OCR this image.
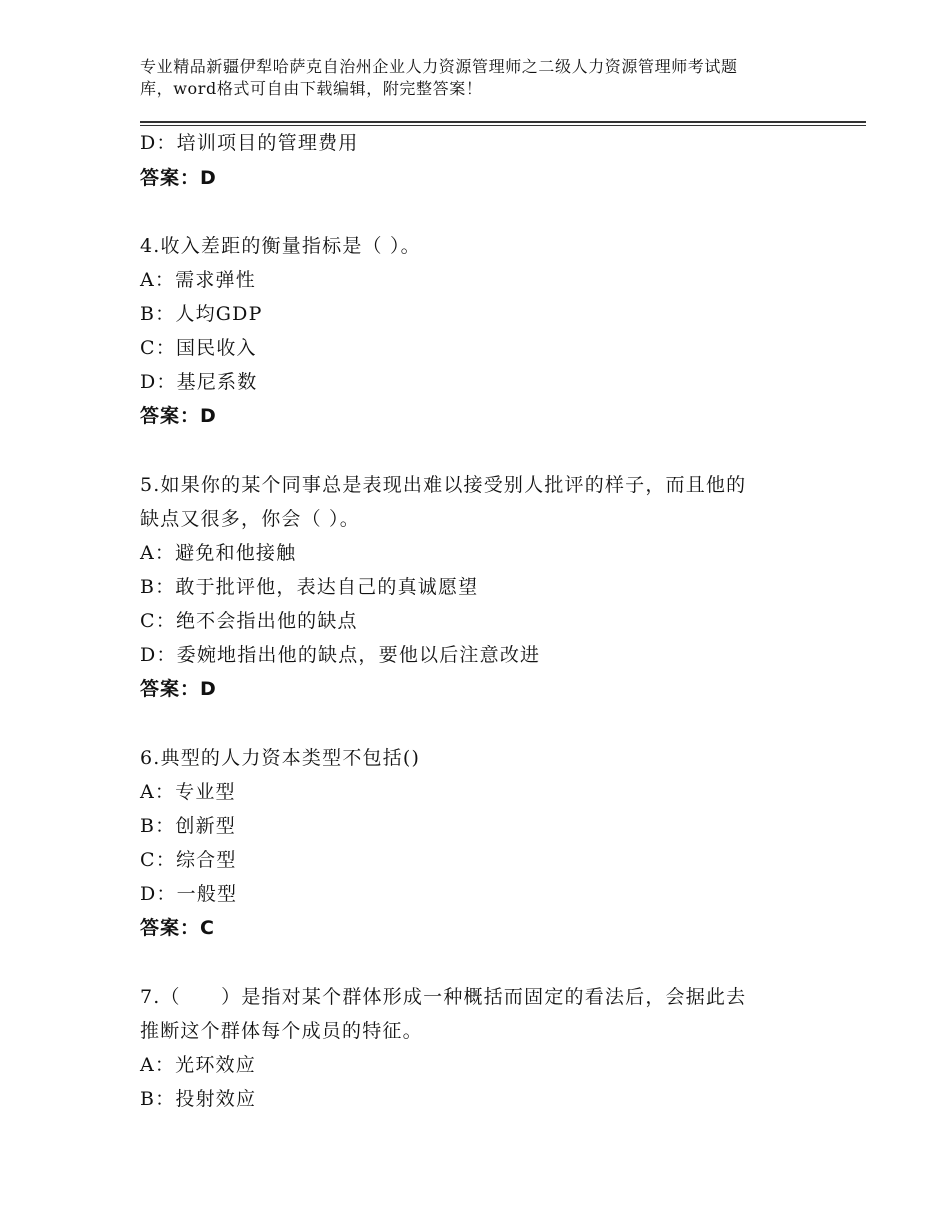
专业精品新疆伊犁哈萨克自治州企业人力资源管理师之二级人力资源管理师考试题
库，word格式可自由下载编辑，附完整答案！
D：培训项目的管理费用
答案：D
4.收入差距的衡量指标是（ ）。
A：需求弹性
B：人均GDP
C：国民收入
D：基尼系数
答案：D
5.如果你的某个同事总是表现出难以接受别人批评的样子，而且他的
缺点又很多，你会（ ）。
A：避免和他接触
B：敢于批评他，表达自己的真诚愿望
C：绝不会指出他的缺点
D：委婉地指出他的缺点，要他以后注意改进
答案：D
6.典型的人力资本类型不包括()
A：专业型
B：创新型
C：综合型
D：一般型
答案：C
7.（　　）是指对某个群体形成一种概括而固定的看法后，会据此去
推断这个群体每个成员的特征。
A：光环效应
B：投射效应
